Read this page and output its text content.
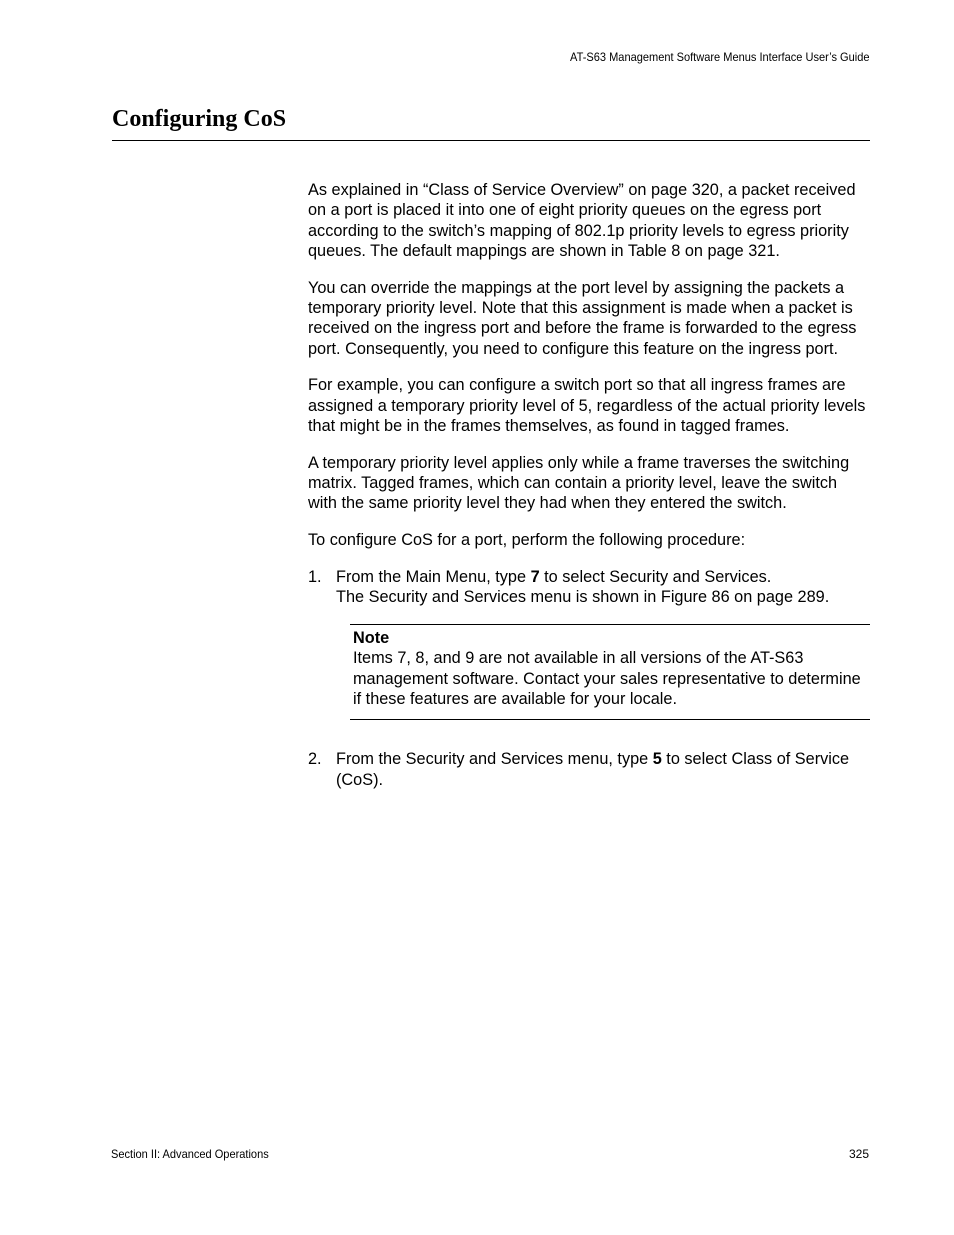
AT-S63 Management Software Menus Interface User’s Guide
Configuring CoS

As explained in “Class of Service Overview” on page 320, a packet received on a port is placed it into one of eight priority queues on the egress port according to the switch’s mapping of 802.1p priority levels to egress priority queues. The default mappings are shown in Table 8 on page 321.

You can override the mappings at the port level by assigning the packets a temporary priority level. Note that this assignment is made when a packet is received on the ingress port and before the frame is forwarded to the egress port. Consequently, you need to configure this feature on the ingress port.

For example, you can configure a switch port so that all ingress frames are assigned a temporary priority level of 5, regardless of the actual priority levels that might be in the frames themselves, as found in tagged frames.

A temporary priority level applies only while a frame traverses the switching matrix. Tagged frames, which can contain a priority level, leave the switch with the same priority level they had when they entered the switch.

To configure CoS for a port, perform the following procedure:

1. From the Main Menu, type 7 to select Security and Services.

The Security and Services menu is shown in Figure 86 on page 289.

Note
Items 7, 8, and 9 are not available in all versions of the AT-S63 management software. Contact your sales representative to determine if these features are available for your locale.
2. From the Security and Services menu, type 5 to select Class of Service (CoS).

Section II: Advanced Operations	325
